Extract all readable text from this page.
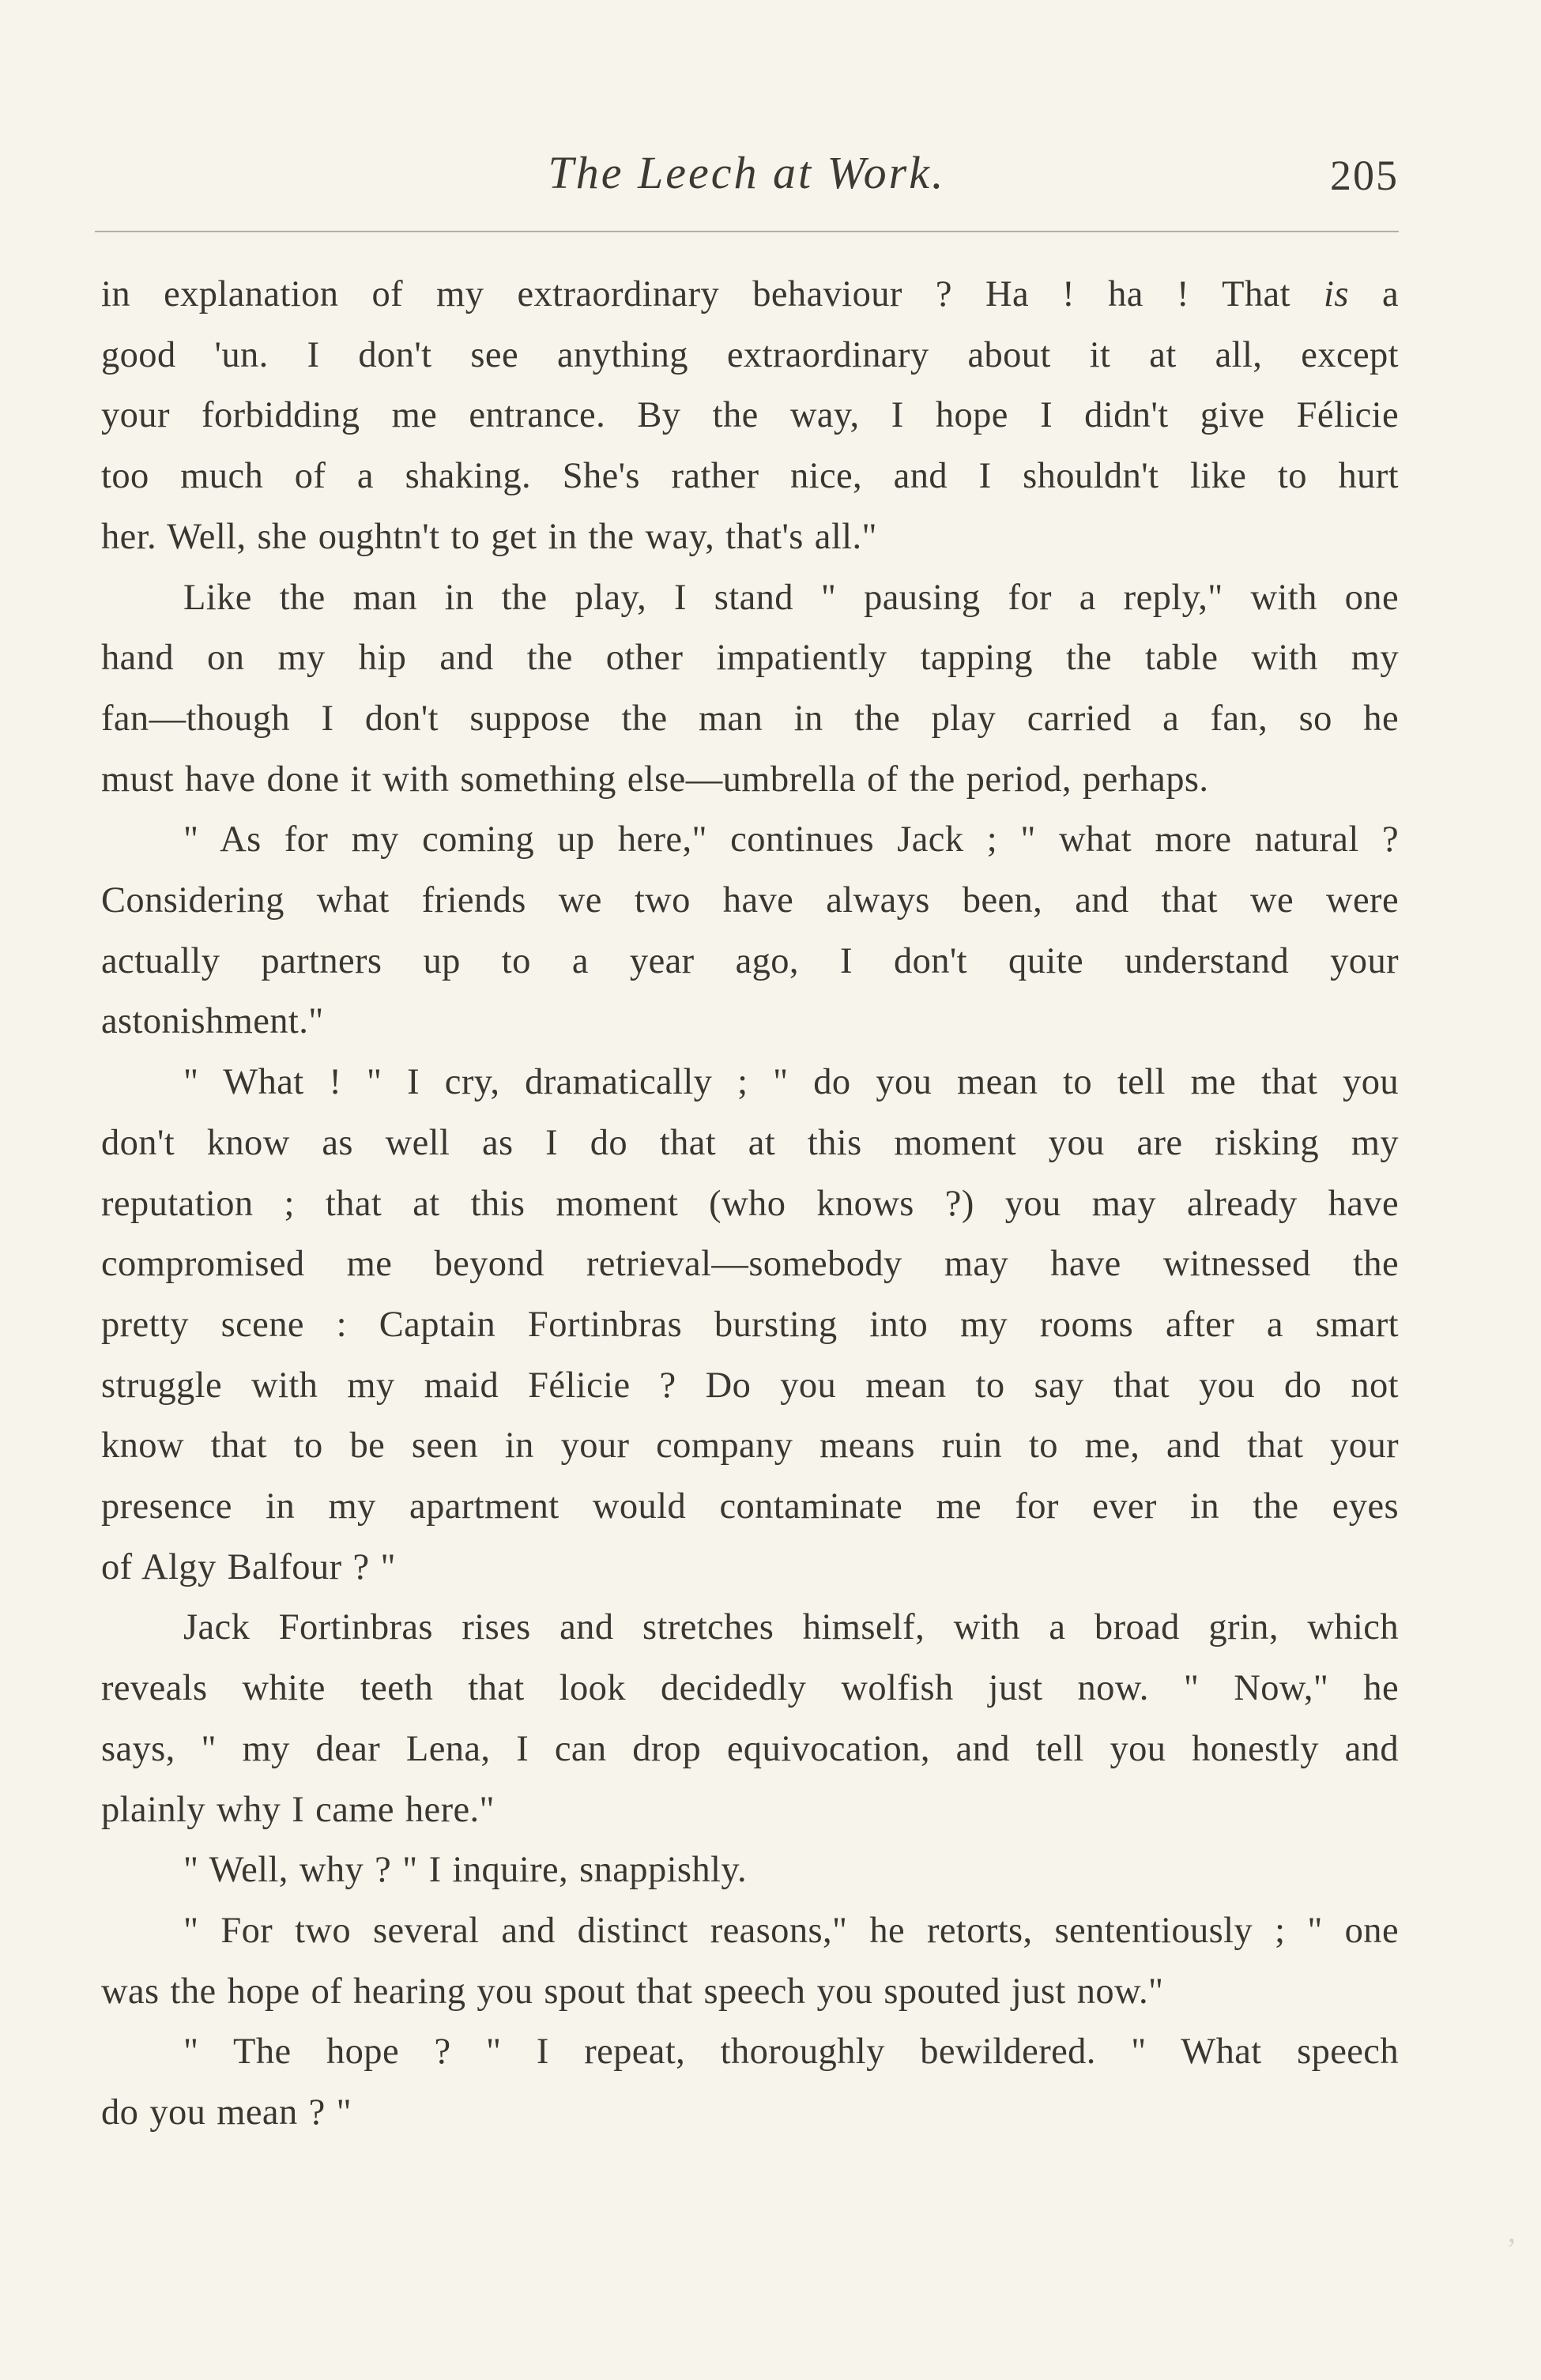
The Leech at Work.	205

in explanation of my extraordinary behaviour ? Ha ! ha ! That is a

good 'un. I don't see anything extraordinary about it at all, except

your forbidding me entrance. By the way, I hope I didn't give Félicie

too much of a shaking. She's rather nice, and I shouldn't like to hurt

her. Well, she oughtn't to get in the way, that's all."

Like the man in the play, I stand " pausing for a reply," with one

hand on my hip and the other impatiently tapping the table with my

fan—though I don't suppose the man in the play carried a fan, so he

must have done it with something else—umbrella of the period, perhaps.

" As for my coming up here," continues Jack ; " what more natural ?

Considering what friends we two have always been, and that we were

actually partners up to a year ago, I don't quite understand your

astonishment."

" What ! " I cry, dramatically ; " do you mean to tell me that you

don't know as well as I do that at this moment you are risking my

reputation ; that at this moment (who knows ?) you may already have

compromised me beyond retrieval—somebody may have witnessed the

pretty scene : Captain Fortinbras bursting into my rooms after a smart

struggle with my maid Félicie ? Do you mean to say that you do not

know that to be seen in your company means ruin to me, and that your

presence in my apartment would contaminate me for ever in the eyes

of Algy Balfour ? "

Jack Fortinbras rises and stretches himself, with a broad grin, which

reveals white teeth that look decidedly wolfish just now. " Now," he

says, " my dear Lena, I can drop equivocation, and tell you honestly and

plainly why I came here."

" Well, why ? " I inquire, snappishly.

" For two several and distinct reasons," he retorts, sententiously ; " one

was the hope of hearing you spout that speech you spouted just now."

" The hope ? " I repeat, thoroughly bewildered. " What speech

do you mean ? "

,
